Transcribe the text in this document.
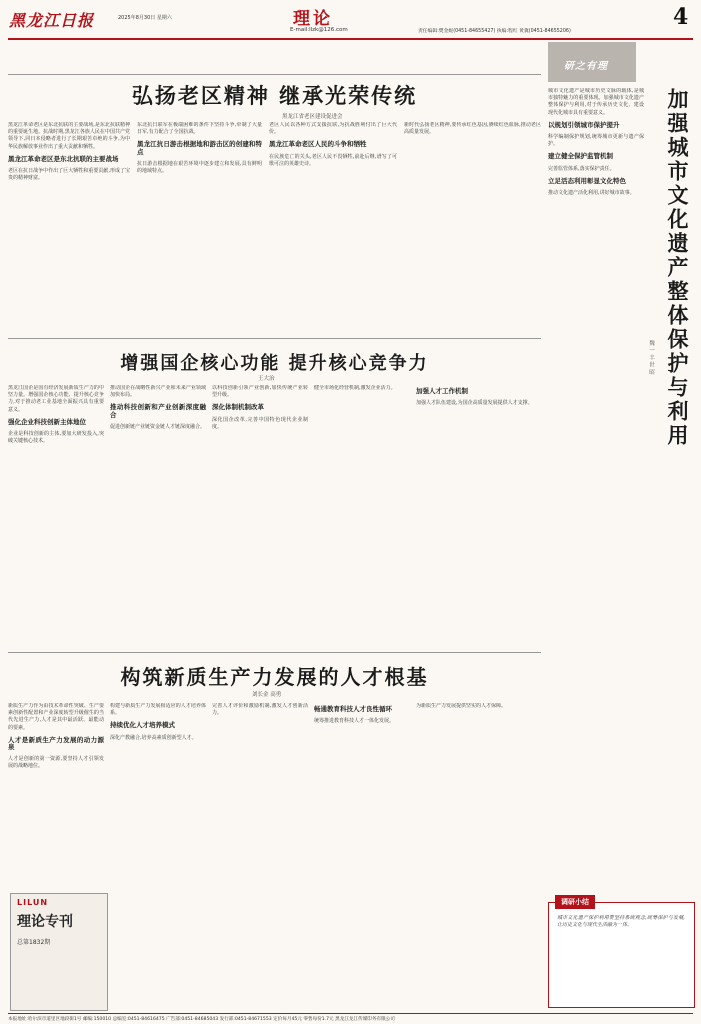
黑龙江日报	2025年8月30日 星期六	理论
E-mail:llzk@126.com	4
责任编辑:樊金妮(0451-84655427) 执编:程红 黄冀(0451-84655206)
弘扬老区精神 继承光荣传统
黑龙江省老区建设促进会
黑龙江革命老区是东北抗联的主要战场,是东北抗联精神的重要诞生地。抗战时期,黑龙江各族人民在中国共产党领导下,同日本侵略者进行了长期艰苦卓绝的斗争,为中华民族解放事业作出了重大贡献和牺牲。
黑龙江革命老区是东北抗联的主要战场
老区在抗日战争中作出了巨大牺牲和重要贡献,形成了宝贵的精神财富。
东北抗日联军在极端困难的条件下坚持斗争,牵制了大量日军,有力配合了全国抗战。
黑龙江抗日游击根据地和游击区的创建和特点
抗日游击根据地在艰苦环境中逐步建立和发展,具有鲜明的地域特点。
老区人民以各种方式支援抗联,为抗战胜利付出了巨大代价。
黑龙江革命老区人民的斗争和牺牲
在民族危亡的关头,老区人民不畏牺牲,前赴后继,谱写了可歌可泣的英雄史诗。
新时代弘扬老区精神,要传承红色基因,赓续红色血脉,推动老区高质量发展。
增强国企核心功能 提升核心竞争力
王大治
黑龙江国企是国有经济发展新质生产力的中坚力量。增强国企核心功能、提升核心竞争力,对于推动老工业基地全面振兴具有重要意义。
强化企业科技创新主体地位
企业是科技创新的主体,要加大研发投入,突破关键核心技术。
推动国企在战略性新兴产业和未来产业领域加快布局。
推动科技创新和产业创新深度融合
促进创新链产业链资金链人才链深度融合。
以科技创新引领产业创新,加快传统产业转型升级。
深化体制机制改革
深化国企改革,完善中国特色现代企业制度。
健全市场化经营机制,激发企业活力。	加强人才工作机制
加强人才队伍建设,为国企高质量发展提供人才支撑。
构筑新质生产力发展的人才根基
刘长金 高勇
新质生产力作为由技术革命性突破、生产要素创新性配置和产业深度转型升级催生的当代先进生产力,人才是其中最活跃、最能动的要素。
人才是新质生产力发展的动力源泉
人才是创新的第一资源,要坚持人才引领发展的战略地位。
构建与新质生产力发展相适应的人才培养体系。
持续优化人才培养模式
深化产教融合,培养高素质创新型人才。
完善人才评价和激励机制,激发人才创新活力。
畅通教育科技人才良性循环
统筹推进教育科技人才一体化发展。
为新质生产力发展提供坚实的人才保障。
LILUN
理论专刊
总第1832期
研之有理
加强城市文化遗产整体保护与利用
魏 一 丰 世 昭
城市文化遗产是城市历史文脉的载体,是城市独特魅力的重要体现。加强城市文化遗产整体保护与利用,对于传承历史文化、建设现代化城市具有重要意义。
以规划引领城市保护提升
科学编制保护规划,统筹城市更新与遗产保护。
建立健全保护监管机制
完善监管体系,落实保护责任。
立足活态利用彰显文化特色
推动文化遗产活化利用,讲好城市故事。
调研小结
城市文化遗产保护利用要坚持系统观念,统筹保护与发展,让历史文化与现代生活融为一体。
本报地址:哈尔滨市道里区地段街1号 邮编:150010 总编室:0451-84616475 广告部:0451-84685043 发行部:0451-84671553 定价每月45元 零售每份1.7元 黑龙江龙江传媒印务有限公司
